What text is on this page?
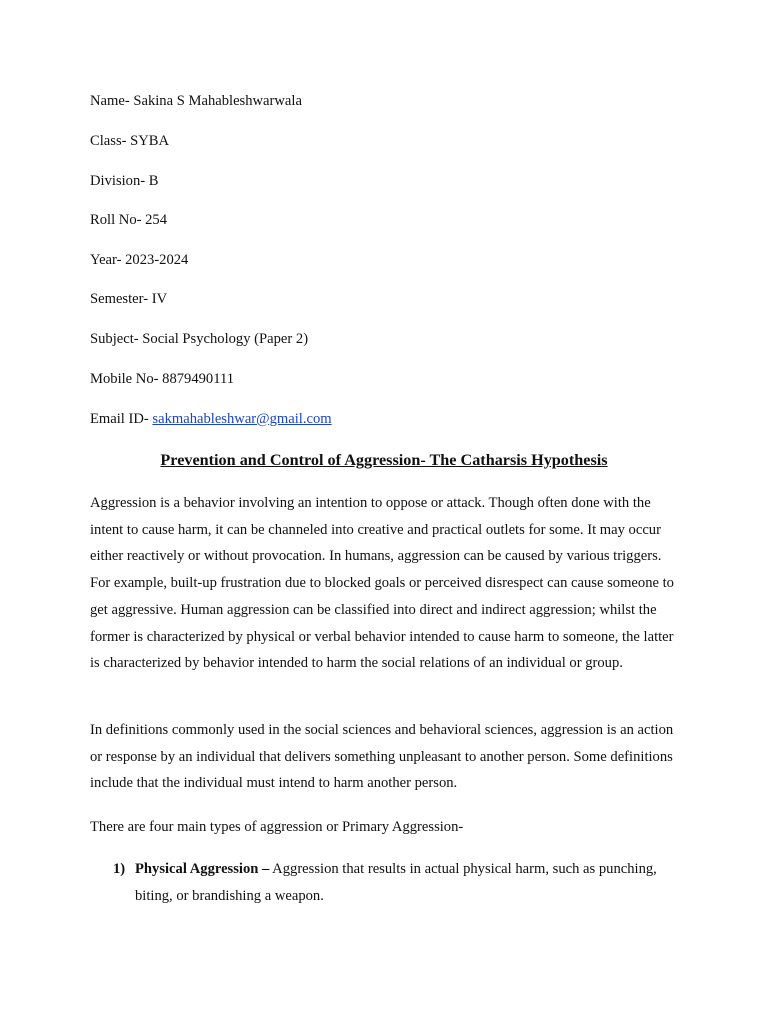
Name- Sakina S Mahableshwarwala

Class- SYBA

Division- B

Roll No- 254

Year- 2023-2024

Semester- IV

Subject- Social Psychology (Paper 2)

Mobile No- 8879490111

Email ID- sakmahableshwar@gmail.com

Prevention and Control of Aggression- The Catharsis Hypothesis

Aggression is a behavior involving an intention to oppose or attack. Though often done with the intent to cause harm, it can be channeled into creative and practical outlets for some. It may occur either reactively or without provocation. In humans, aggression can be caused by various triggers. For example, built-up frustration due to blocked goals or perceived disrespect can cause someone to get aggressive. Human aggression can be classified into direct and indirect aggression; whilst the former is characterized by physical or verbal behavior intended to cause harm to someone, the latter is characterized by behavior intended to harm the social relations of an individual or group.

In definitions commonly used in the social sciences and behavioral sciences, aggression is an action or response by an individual that delivers something unpleasant to another person. Some definitions include that the individual must intend to harm another person.

There are four main types of aggression or Primary Aggression-

1) Physical Aggression – Aggression that results in actual physical harm, such as punching, biting, or brandishing a weapon.
